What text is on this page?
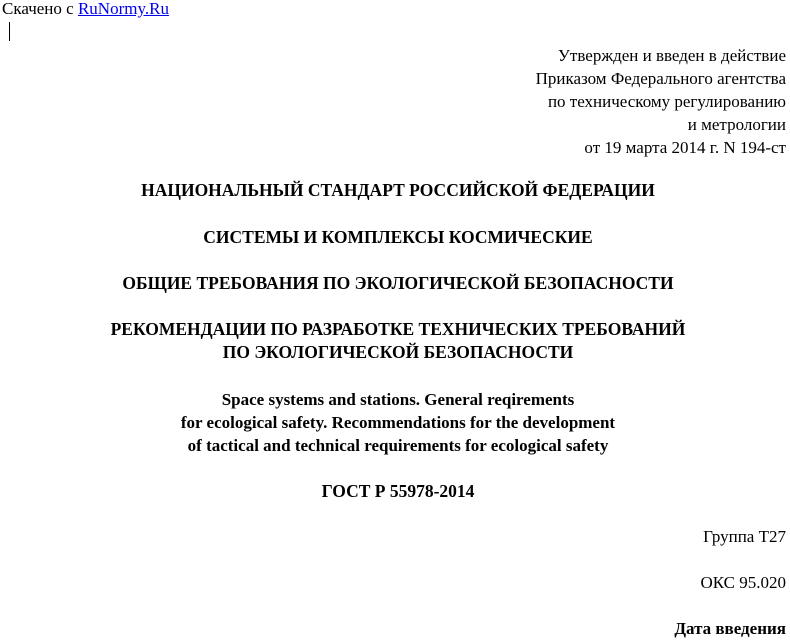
Скачено с RuNormy.Ru
Утвержден и введен в действие
Приказом Федерального агентства
по техническому регулированию
и метрологии
от 19 марта 2014 г. N 194-ст
НАЦИОНАЛЬНЫЙ СТАНДАРТ РОССИЙСКОЙ ФЕДЕРАЦИИ
СИСТЕМЫ И КОМПЛЕКСЫ КОСМИЧЕСКИЕ
ОБЩИЕ ТРЕБОВАНИЯ ПО ЭКОЛОГИЧЕСКОЙ БЕЗОПАСНОСТИ
РЕКОМЕНДАЦИИ ПО РАЗРАБОТКЕ ТЕХНИЧЕСКИХ ТРЕБОВАНИЙ
ПО ЭКОЛОГИЧЕСКОЙ БЕЗОПАСНОСТИ
Space systems and stations. General reqirements
for ecological safety. Recommendations for the development
of tactical and technical requirements for ecological safety
ГОСТ Р 55978-2014
Группа Т27
ОКС 95.020
Дата введения
